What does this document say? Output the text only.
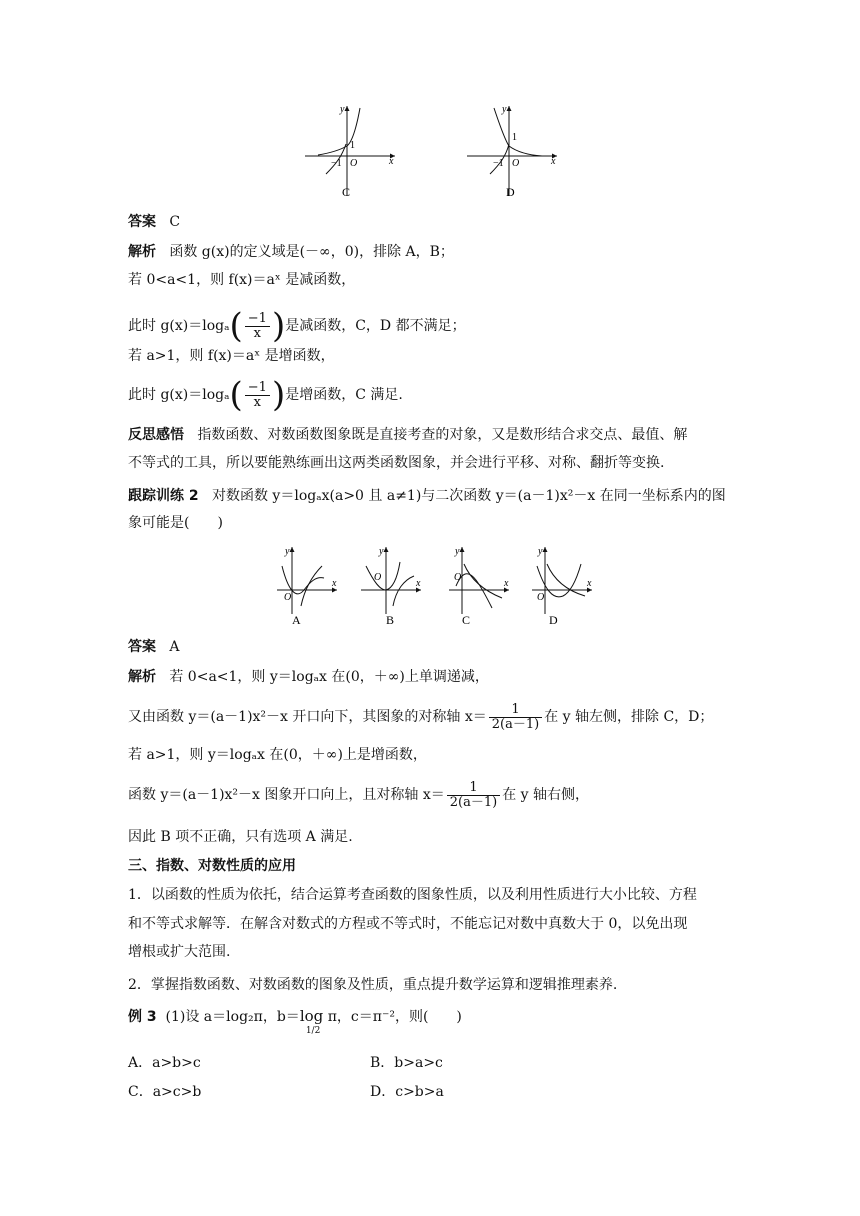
y
x
O
−1
1
C
y
x
O
−1
1
D
答案 C
解析 函数 g(x)的定义域是(－∞，0)，排除 A，B；
若 0<a<1，则 f(x)＝aˣ 是减函数，
此时 $g(x)=\log_a( \frac{-1}{x}$ )是减函数，C，D 都不满足；
若 a>1，则 f(x)＝aˣ 是增函数，
此时 $g(x)=\log_a( \frac{-1}{x}$ )是增函数，C 满足.
反思感悟 指数函数、对数函数图象既是直接考查的对象，又是数形结合求交点、最值、解
不等式的工具，所以要能熟练画出这两类函数图象，并会进行平移、对称、翻折等变换.
跟踪训练 2 对数函数 y＝logₐx(a>0 且 a≠1)与二次函数 y＝(a－1)x²－x 在同一坐标系内的图
象可能是(　　)
y
x
O
A
y
x
O
B
y
x
O
C
y
x
O
D
答案 A
解析 若 0<a<1，则 y＝logₐx 在(0，＋∞)上单调递减，
又由函数 y＝(a－1)x²－x 开口向下，其图象的对称轴 $x= \frac{1}{2(a-1)}$ 在 y 轴左侧，排除 C，D；
若 a>1，则 y＝logₐx 在(0，＋∞)上是增函数，
函数 y＝(a－1)x²－x 图象开口向上，且对称轴 $x= \frac{1}{2(a-1)}$ 在 y 轴右侧，
因此 B 项不正确，只有选项 A 满足.
三、指数、对数性质的应用
1．以函数的性质为依托，结合运算考查函数的图象性质，以及利用性质进行大小比较、方程
和不等式求解等．在解含对数式的方程或不等式时，不能忘记对数中真数大于 0，以免出现
增根或扩大范围.
2．掌握指数函数、对数函数的图象及性质，重点提升数学运算和逻辑推理素养.
例 3 (1)设 a＝log₂π，b＝log
1/2
π，c＝π⁻²，则(　　)
A．a>b>c	B．b>a>c
C．a>c>b	D．c>b>a
